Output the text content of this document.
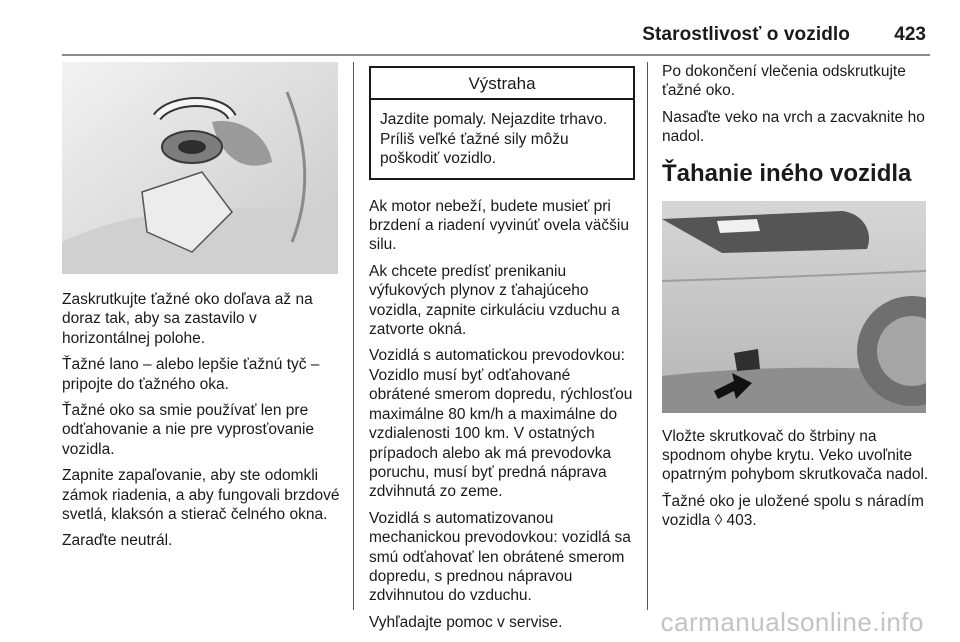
Starostlivosť o vozidlo 423

Zaskrutkujte ťažné oko doľava až na doraz tak, aby sa zastavilo v horizontálnej polohe.

Ťažné lano – alebo lepšie ťažnú tyč – pripojte do ťažného oka.

Ťažné oko sa smie používať len pre odťahovanie a nie pre vyprosťovanie vozidla.

Zapnite zapaľovanie, aby ste odomkli zámok riadenia, a aby fungovali brzdové svetlá, klaksón a stierač čelného okna.

Zaraďte neutrál.

Výstraha
Jazdite pomaly. Nejazdite trhavo. Príliš veľké ťažné sily môžu poškodiť vozidlo.

Ak motor nebeží, budete musieť pri brzdení a riadení vyvinúť ovela väčšiu silu.

Ak chcete predísť prenikaniu výfukových plynov z ťahajúceho vozidla, zapnite cirkuláciu vzduchu a zatvorte okná.

Vozidlá s automatickou prevodovkou: Vozidlo musí byť odťahované obrátené smerom dopredu, rýchlosťou maximálne 80 km/h a maximálne do vzdialenosti 100 km. V ostatných prípadoch alebo ak má prevodovka poruchu, musí byť predná náprava zdvihnutá zo zeme.

Vozidlá s automatizovanou mechanickou prevodovkou: vozidlá sa smú odťahovať len obrátené smerom dopredu, s prednou nápravou zdvihnutou do vzduchu.

Vyhľadajte pomoc v servise.

Po dokončení vlečenia odskrutkujte ťažné oko.

Nasaďte veko na vrch a zacvaknite ho nadol.

Ťahanie iného vozidla

Vložte skrutkovač do štrbiny na spodnom ohybe krytu. Veko uvoľnite opatrným pohybom skrutkovača nadol.

Ťažné oko je uložené spolu s náradím vozidla ◊ 403.

carmanualsonline.info
